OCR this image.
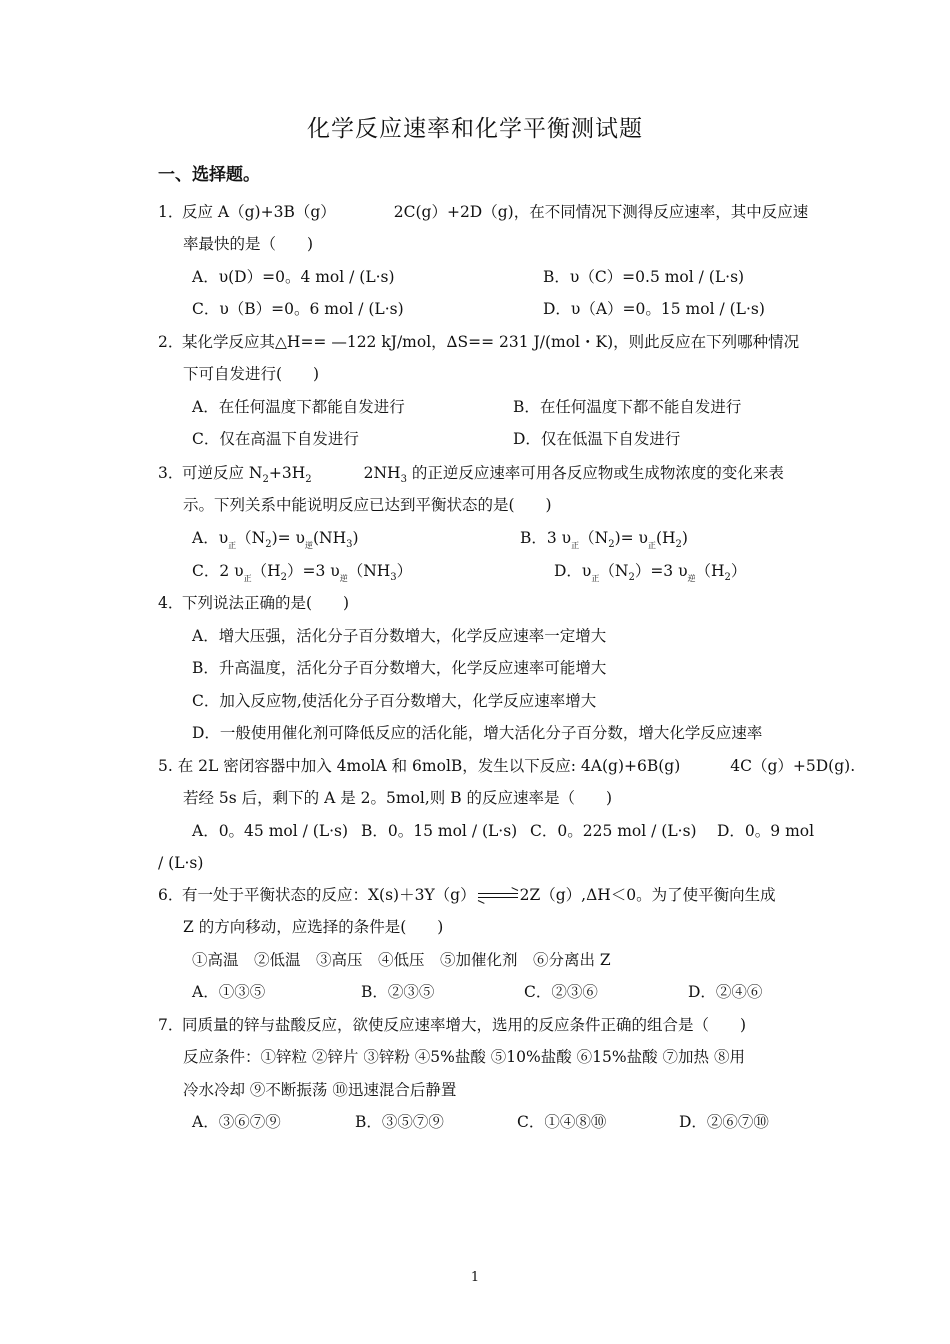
化学反应速率和化学平衡测试题
一、选择题。
1．反应 A（g)+3B（g）	2C(g）+2D（g)，在不同情况下测得反应速率，其中反应速
率最快的是（　　)
A．υ(D）=0。4 mol / (L·s)	B．υ（C）=0.5 mol / (L·s)
C．υ（B）=0。6 mol / (L·s)	D．υ（A）=0。15 mol / (L·s)
2．某化学反应其△H== —122 kJ/mol，∆S== 231 J/(mol・K)，则此反应在下列哪种情况
下可自发进行(　　)
A．在任何温度下都能自发进行	B．在任何温度下都不能自发进行
C．仅在高温下自发进行	D．仅在低温下自发进行
3．可逆反应 $N_2+3H_2$	$2NH_3$ 的正逆反应速率可用各反应物或生成物浓度的变化来表
示。下列关系中能说明反应已达到平衡状态的是(　　)
A．$\upsilon_正(N_2)= \upsilon_逆(NH_3)$	B．3 $\upsilon_正(N_2)= \upsilon_正(H_2)$
C．2 $\upsilon_正(H_2)=3$ $\upsilon_逆(NH_3)$	D．$\upsilon_正(N_2)=3$ $\upsilon_逆(H_2)$
4．下列说法正确的是(　　)
A．增大压强，活化分子百分数增大，化学反应速率一定增大
B．升高温度，活化分子百分数增大，化学反应速率可能增大
C．加入反应物,使活化分子百分数增大，化学反应速率增大
D．一般使用催化剂可降低反应的活化能，增大活化分子百分数，增大化学反应速率
5. 在 2L 密闭容器中加入 4molA 和 6molB，发生以下反应: 4A(g)+6B(g)	4C（g）+5D(g).
若经 5s 后，剩下的 A 是 2。5mol,则 B 的反应速率是（　　)
A．0。45 mol / (L·s) B．0。15 mol / (L·s) C．0。225 mol / (L·s) D．0。9 mol
/ (L·s)
6．有一处于平衡状态的反应：X(s)＋3Y（g）	2Z（g）,ΔH＜0。为了使平衡向生成
Z 的方向移动，应选择的条件是(　　)
①高温　②低温　③高压　④低压　⑤加催化剂　⑥分离出 Z
A．①③⑤	B．②③⑤	C．②③⑥	D．②④⑥
7．同质量的锌与盐酸反应，欲使反应速率增大，选用的反应条件正确的组合是（　　)
反应条件：①锌粒 ②锌片 ③锌粉 ④5%盐酸 ⑤10%盐酸 ⑥15%盐酸 ⑦加热 ⑧用
冷水冷却 ⑨不断振荡 ⑩迅速混合后静置
A．③⑥⑦⑨	B．③⑤⑦⑨	C．①④⑧⑩	D．②⑥⑦⑩
1
